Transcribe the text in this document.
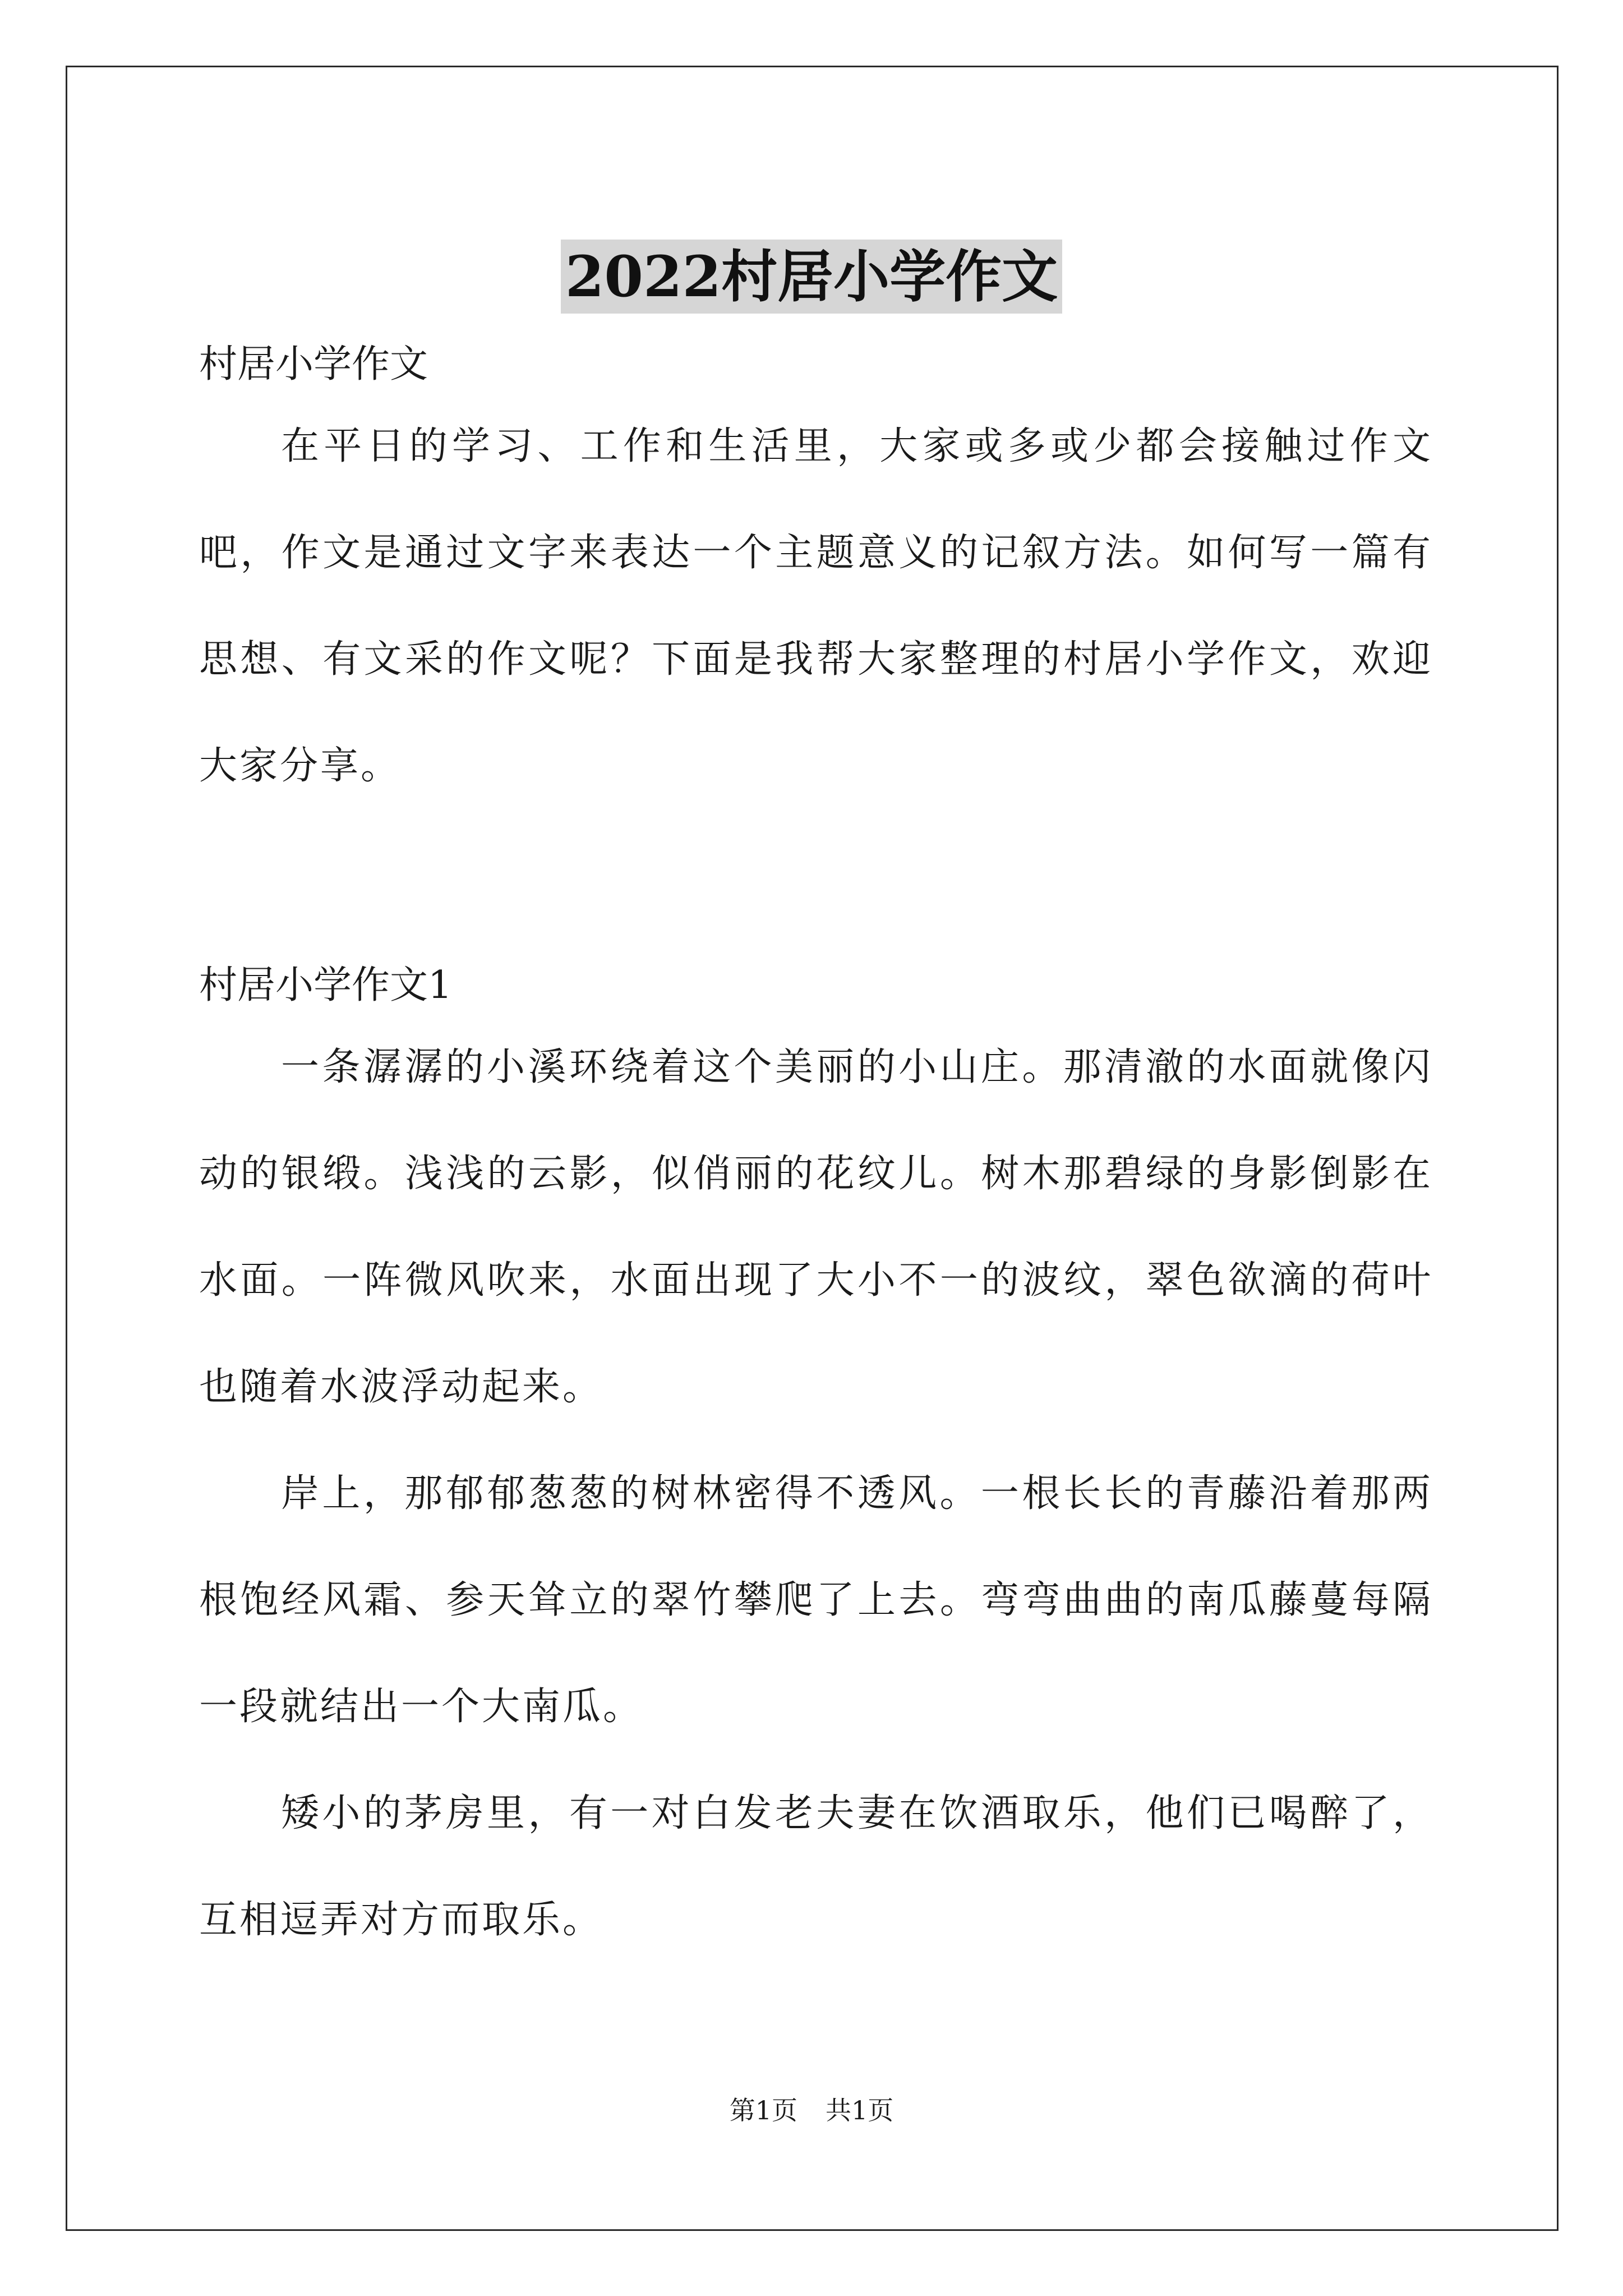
2022村居小学作文

村居小学作文

在平日的学习、工作和生活里，大家或多或少都会接触过作文吧，作文是通过文字来表达一个主题意义的记叙方法。如何写一篇有思想、有文采的作文呢？下面是我帮大家整理的村居小学作文，欢迎大家分享。

村居小学作文1

一条潺潺的小溪环绕着这个美丽的小山庄。那清澈的水面就像闪动的银缎。浅浅的云影，似俏丽的花纹儿。树木那碧绿的身影倒影在水面。一阵微风吹来，水面出现了大小不一的波纹，翠色欲滴的荷叶也随着水波浮动起来。

岸上，那郁郁葱葱的树林密得不透风。一根长长的青藤沿着那两根饱经风霜、参天耸立的翠竹攀爬了上去。弯弯曲曲的南瓜藤蔓每隔一段就结出一个大南瓜。

矮小的茅房里，有一对白发老夫妻在饮酒取乐，他们已喝醉了，互相逗弄对方而取乐。

第1页 共1页
